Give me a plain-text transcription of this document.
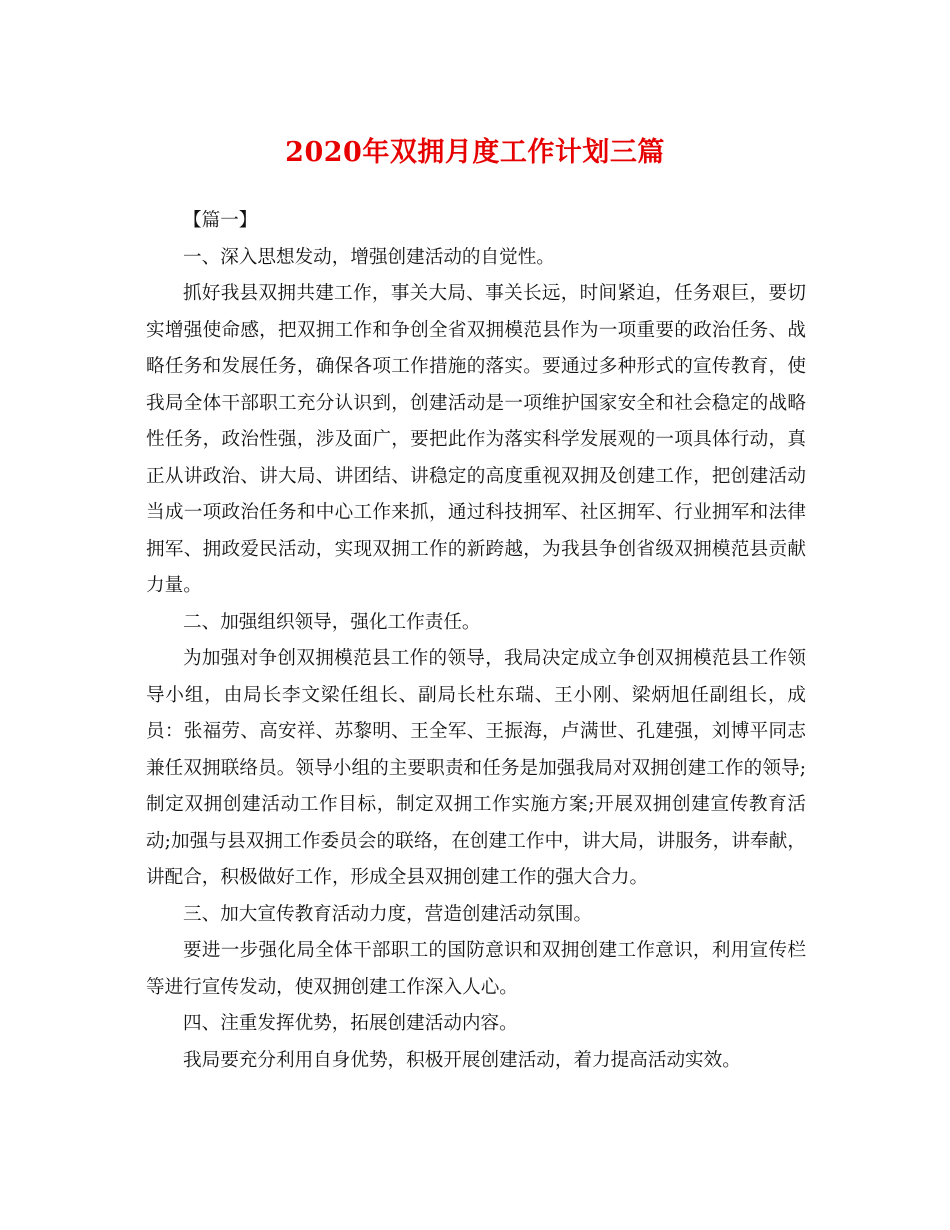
2020年双拥月度工作计划三篇

【篇一】

一、深入思想发动，增强创建活动的自觉性。

抓好我县双拥共建工作，事关大局、事关长远，时间紧迫，任务艰巨，要切实增强使命感，把双拥工作和争创全省双拥模范县作为一项重要的政治任务、战略任务和发展任务，确保各项工作措施的落实。要通过多种形式的宣传教育，使我局全体干部职工充分认识到，创建活动是一项维护国家安全和社会稳定的战略性任务，政治性强，涉及面广，要把此作为落实科学发展观的一项具体行动，真正从讲政治、讲大局、讲团结、讲稳定的高度重视双拥及创建工作，把创建活动当成一项政治任务和中心工作来抓，通过科技拥军、社区拥军、行业拥军和法律拥军、拥政爱民活动，实现双拥工作的新跨越，为我县争创省级双拥模范县贡献力量。

二、加强组织领导，强化工作责任。

为加强对争创双拥模范县工作的领导，我局决定成立争创双拥模范县工作领导小组，由局长李文梁任组长、副局长杜东瑞、王小刚、梁炳旭任副组长，成员：张福劳、高安祥、苏黎明、王全军、王振海，卢满世、孔建强，刘博平同志兼任双拥联络员。领导小组的主要职责和任务是加强我局对双拥创建工作的领导;制定双拥创建活动工作目标，制定双拥工作实施方案;开展双拥创建宣传教育活动;加强与县双拥工作委员会的联络，在创建工作中，讲大局，讲服务，讲奉献，讲配合，积极做好工作，形成全县双拥创建工作的强大合力。

三、加大宣传教育活动力度，营造创建活动氛围。

要进一步强化局全体干部职工的国防意识和双拥创建工作意识，利用宣传栏等进行宣传发动，使双拥创建工作深入人心。

四、注重发挥优势，拓展创建活动内容。

我局要充分利用自身优势，积极开展创建活动，着力提高活动实效。
